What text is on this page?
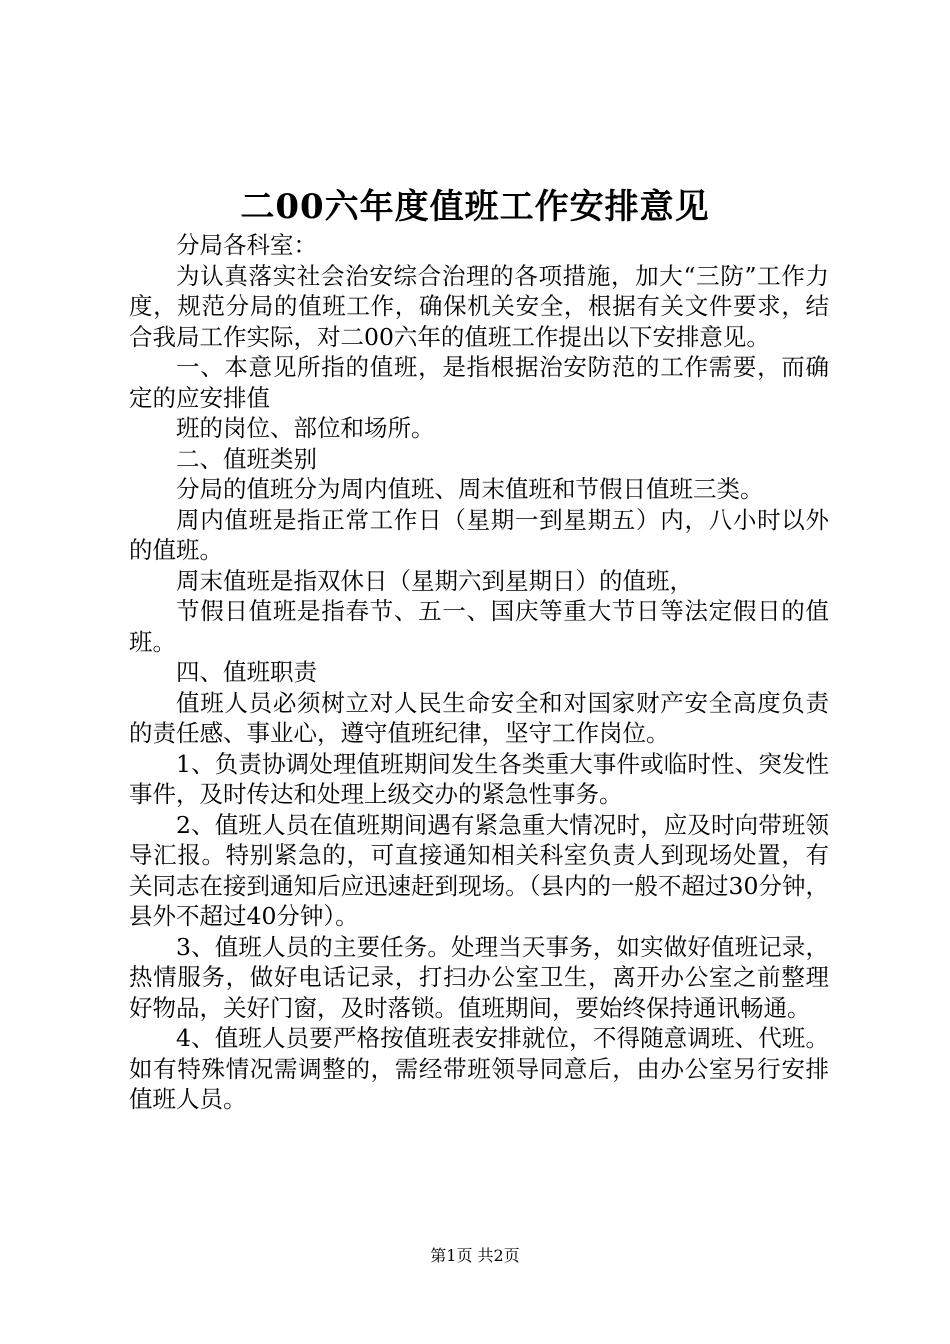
二00六年度值班工作安排意见

分局各科室：

为认真落实社会治安综合治理的各项措施，加大“三防”工作力度，规范分局的值班工作，确保机关安全，根据有关文件要求，结合我局工作实际，对二00六年的值班工作提出以下安排意见。

一、本意见所指的值班，是指根据治安防范的工作需要，而确定的应安排值

班的岗位、部位和场所。

二、值班类别

分局的值班分为周内值班、周末值班和节假日值班三类。

周内值班是指正常工作日（星期一到星期五）内，八小时以外的值班。

周末值班是指双休日（星期六到星期日）的值班，

节假日值班是指春节、五一、国庆等重大节日等法定假日的值班。

四、值班职责

值班人员必须树立对人民生命安全和对国家财产安全高度负责的责任感、事业心，遵守值班纪律，坚守工作岗位。

1、负责协调处理值班期间发生各类重大事件或临时性、突发性事件，及时传达和处理上级交办的紧急性事务。

2、值班人员在值班期间遇有紧急重大情况时，应及时向带班领导汇报。特别紧急的，可直接通知相关科室负责人到现场处置，有关同志在接到通知后应迅速赶到现场。（县内的一般不超过30分钟，县外不超过40分钟）。

3、值班人员的主要任务。处理当天事务，如实做好值班记录，热情服务，做好电话记录，打扫办公室卫生，离开办公室之前整理好物品，关好门窗，及时落锁。值班期间，要始终保持通讯畅通。

4、值班人员要严格按值班表安排就位，不得随意调班、代班。如有特殊情况需调整的，需经带班领导同意后，由办公室另行安排值班人员。

第1页 共2页
